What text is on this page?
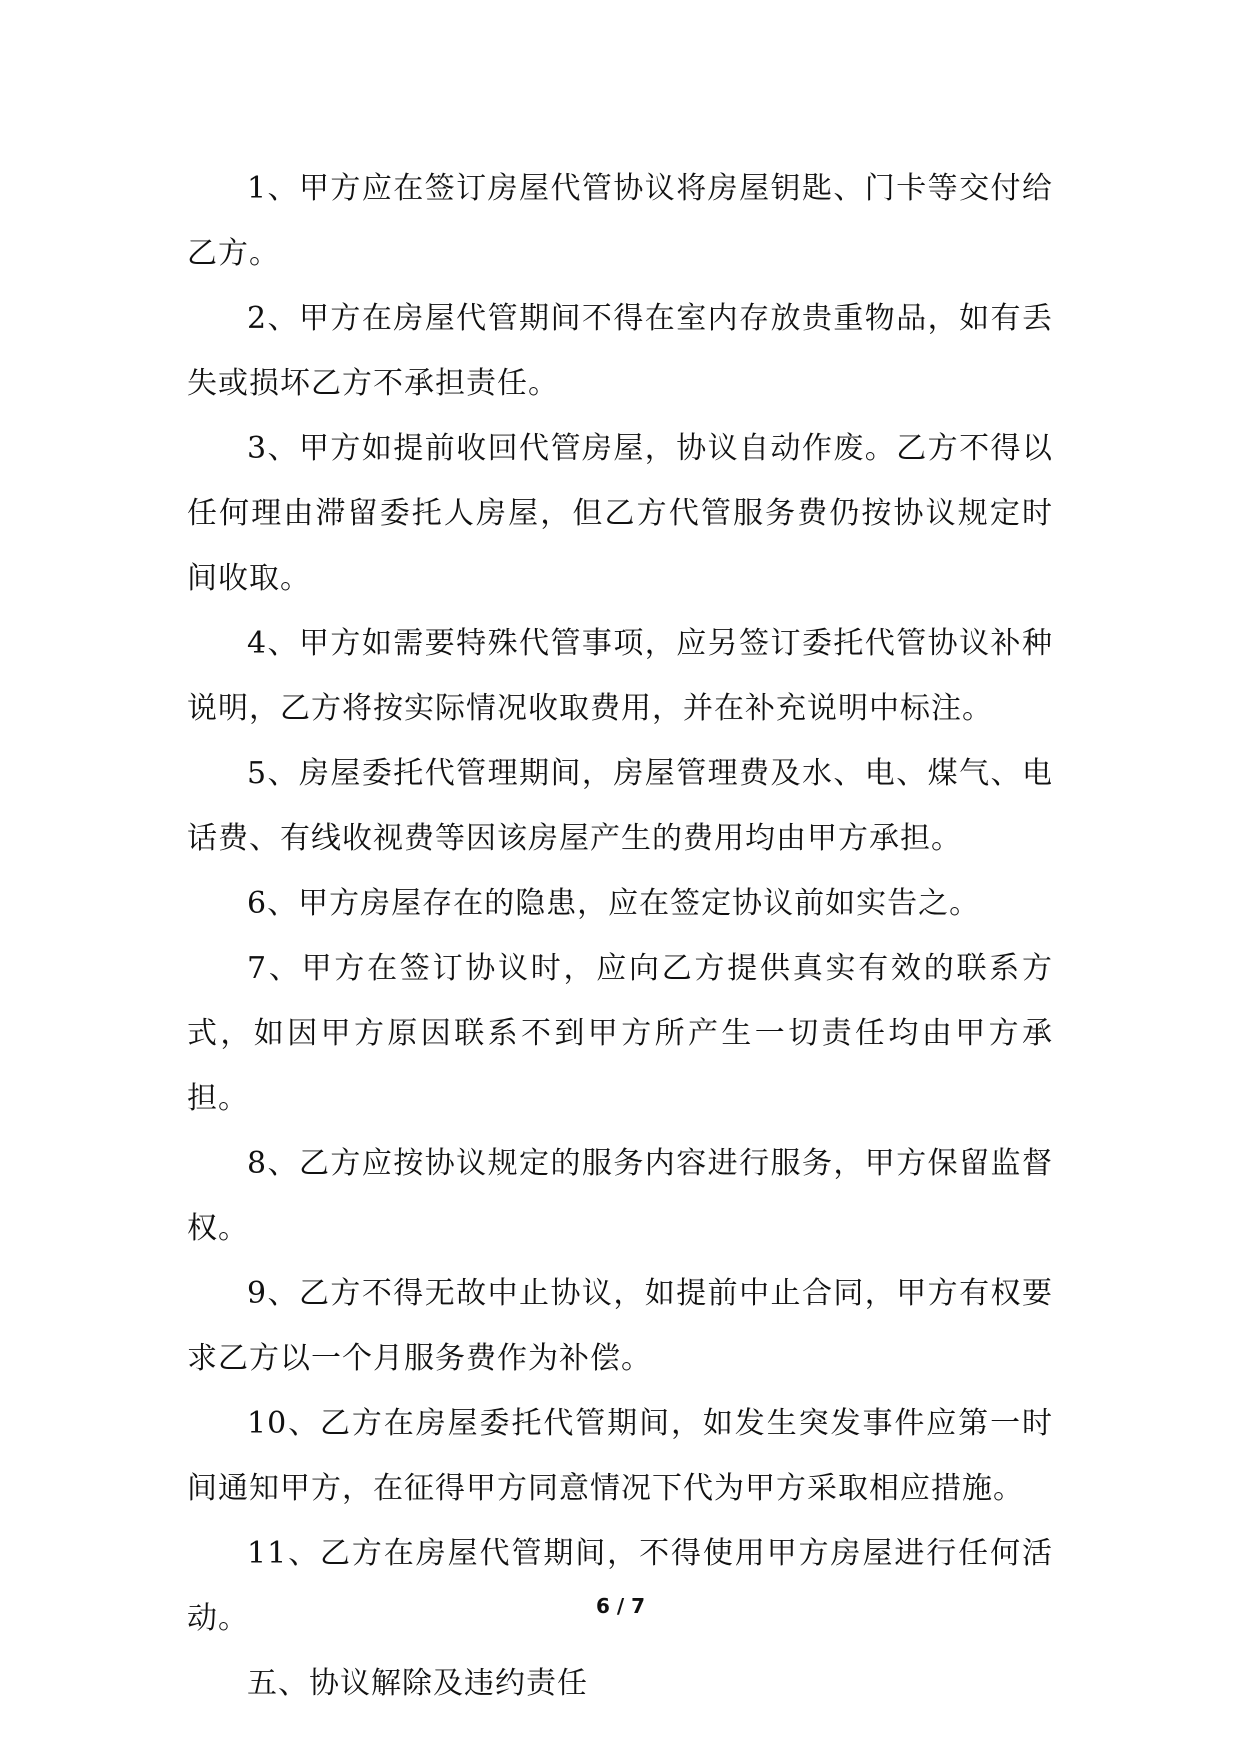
1、甲方应在签订房屋代管协议将房屋钥匙、门卡等交付给乙方。

2、甲方在房屋代管期间不得在室内存放贵重物品，如有丢失或损坏乙方不承担责任。

3、甲方如提前收回代管房屋，协议自动作废。乙方不得以任何理由滞留委托人房屋，但乙方代管服务费仍按协议规定时间收取。

4、甲方如需要特殊代管事项，应另签订委托代管协议补种说明，乙方将按实际情况收取费用，并在补充说明中标注。

5、房屋委托代管理期间，房屋管理费及水、电、煤气、电话费、有线收视费等因该房屋产生的费用均由甲方承担。

6、甲方房屋存在的隐患，应在签定协议前如实告之。

7、甲方在签订协议时，应向乙方提供真实有效的联系方式，如因甲方原因联系不到甲方所产生一切责任均由甲方承担。

8、乙方应按协议规定的服务内容进行服务，甲方保留监督权。

9、乙方不得无故中止协议，如提前中止合同，甲方有权要求乙方以一个月服务费作为补偿。

10、乙方在房屋委托代管期间，如发生突发事件应第一时间通知甲方，在征得甲方同意情况下代为甲方采取相应措施。

11、乙方在房屋代管期间，不得使用甲方房屋进行任何活动。

五、协议解除及违约责任

6 / 7
